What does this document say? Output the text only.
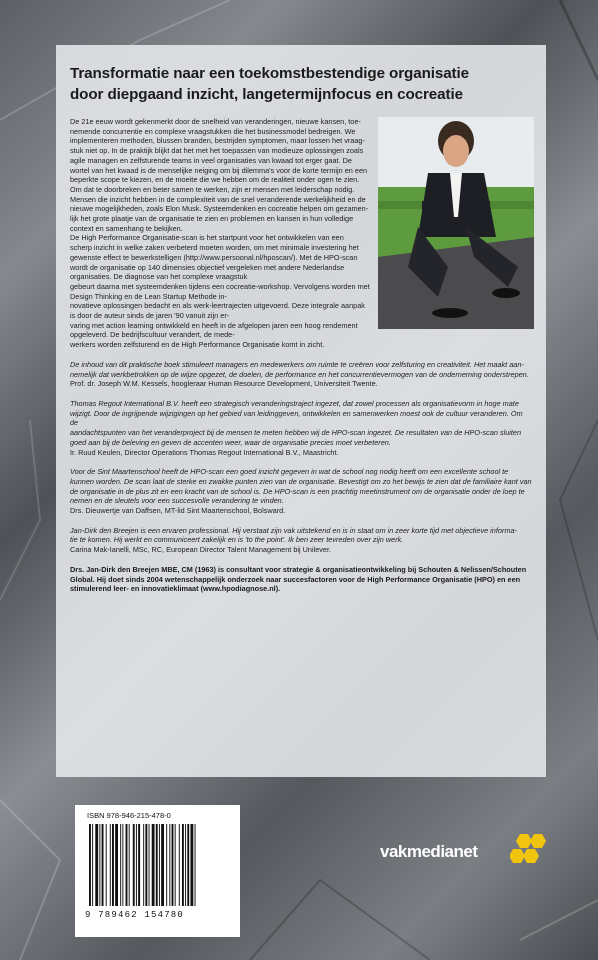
Transformatie naar een toekomstbestendige organisatie
door diepgaand inzicht, langetermijnfocus en cocreatie

De 21e eeuw wordt gekenmerkt door de snelheid van veranderingen, nieuwe kansen, toe-

nemende concurrentie en complexe vraagstukken die het businessmodel bedreigen. We

implementeren methoden, blussen branden, bestrijden symptomen, maar lossen het vraag-

stuk niet op. In de praktijk blijkt dat het met het toepassen van modieuze oplossingen zoals

agile managen en zelfsturende teams in veel organisaties van kwaad tot erger gaat. De

wortel van het kwaad is de menselijke neiging om bij dilemma's voor de korte termijn en een

beperkte scope te kiezen, en de moeite die we hebben om de realiteit onder ogen te zien.

Om dat te doorbreken en beter samen te werken, zijn er mensen met leiderschap nodig.

Mensen die inzicht hebben in de complexiteit van de snel veranderende werkelijkheid en de

nieuwe mogelijkheden, zoals Elon Musk. Systeemdenken en cocreatie helpen om gezamen-

lijk het grote plaatje van de organisatie te zien en problemen en kansen in hun volledige

context en samenhang te bekijken.

De High Performance Organisatie-scan is het startpunt voor het ontwikkelen van een

scherp inzicht in welke zaken verbeterd moeten worden, om met minimale investering het

gewenste effect te bewerkstelligen (http://www.persoonal.nl/hposcan/). Met de HPO-scan

wordt de organisatie op 140 dimensies objectief vergeleken met andere Nederlandse organisaties. De diagnose van het complexe vraagstuk

gebeurt daarna met systeemdenken tijdens een cocreatie-workshop. Vervolgens worden met Design Thinking en de Lean Startup Methode in-

novatieve oplossingen bedacht en als werk-leertrajecten uitgevoerd. Deze integrale aanpak is door de auteur sinds de jaren '90 vanuit zijn er-

varing met action learning ontwikkeld en heeft in de afgelopen jaren een hoog rendement opgeleverd. De bedrijfscultuur verandert, de mede-

werkers worden zelfsturend en de High Performance Organisatie komt in zicht.

De inhoud van dit praktische boek stimuleert managers en medewerkers om ruimte te creëren voor zelfsturing en creativiteit. Het maakt aan-

nemelijk dat werkbetrokken op de wijze opgezet, de doelen, de performance en het concurrentievermogen van de onderneming onderstrepen.

Prof. dr. Joseph W.M. Kessels, hoogleraar Human Resource Development, Universiteit Twente.

Thomas Regout International B.V. heeft een strategisch veranderingstraject ingezet, dat zowel processen als organisatievorm in hoge mate

wijzigt. Door de ingrijpende wijzigingen op het gebied van leidinggeven, ontwikkelen en samenwerken moest ook de cultuur veranderen. Om de

aandachtspunten van het veranderproject bij de mensen te meten hebben wij de HPO-scan ingezet. De resultaten van de HPO-scan sluiten

goed aan bij de beleving en geven de accenten weer, waar de organisatie precies moet verbeteren.

Ir. Ruud Keulen, Director Operations Thomas Regout International B.V., Maastricht.

Voor de Sint Maartenschool heeft de HPO-scan een goed inzicht gegeven in wat de school nog nodig heeft om een excellente school te

kunnen worden. De scan laat de sterke en zwakke punten zien van de organisatie. Bevestigt om zo het bewijs te zien dat de familiaire kant van

de organisatie in de plus zit en een kracht van de school is. De HPO-scan is een prachtig meetinstrument om de organisatie onder de loep te

nemen en de sleutels voor een succesvolle verandering te vinden.

Drs. Dieuwertje van Daffsen, MT-lid Sint Maartenschool, Bolsward.

Jan-Dirk den Breejen is een ervaren professional. Hij verstaat zijn vak uitstekend en is in staat om in zeer korte tijd met objectieve informa-

tie te komen. Hij werkt en communiceert zakelijk en is 'to the point'. Ik ben zeer tevreden over zijn werk.

Carina Mak-Ianelli, MSc, RC, European Director Talent Management bij Unilever.

Drs. Jan-Dirk den Breejen MBE, CM (1963) is consultant voor strategie & organisatieontwikkeling bij Schouten & Nelissen/Schouten

Global. Hij doet sinds 2004 wetenschappelijk onderzoek naar succesfactoren voor de High Performance Organisatie (HPO) en een

stimulerend leer- en innovatieklimaat (www.hpodiagnose.nl).

ISBN 978-946-215-478-0
9 789462 154780
vakmedianet
